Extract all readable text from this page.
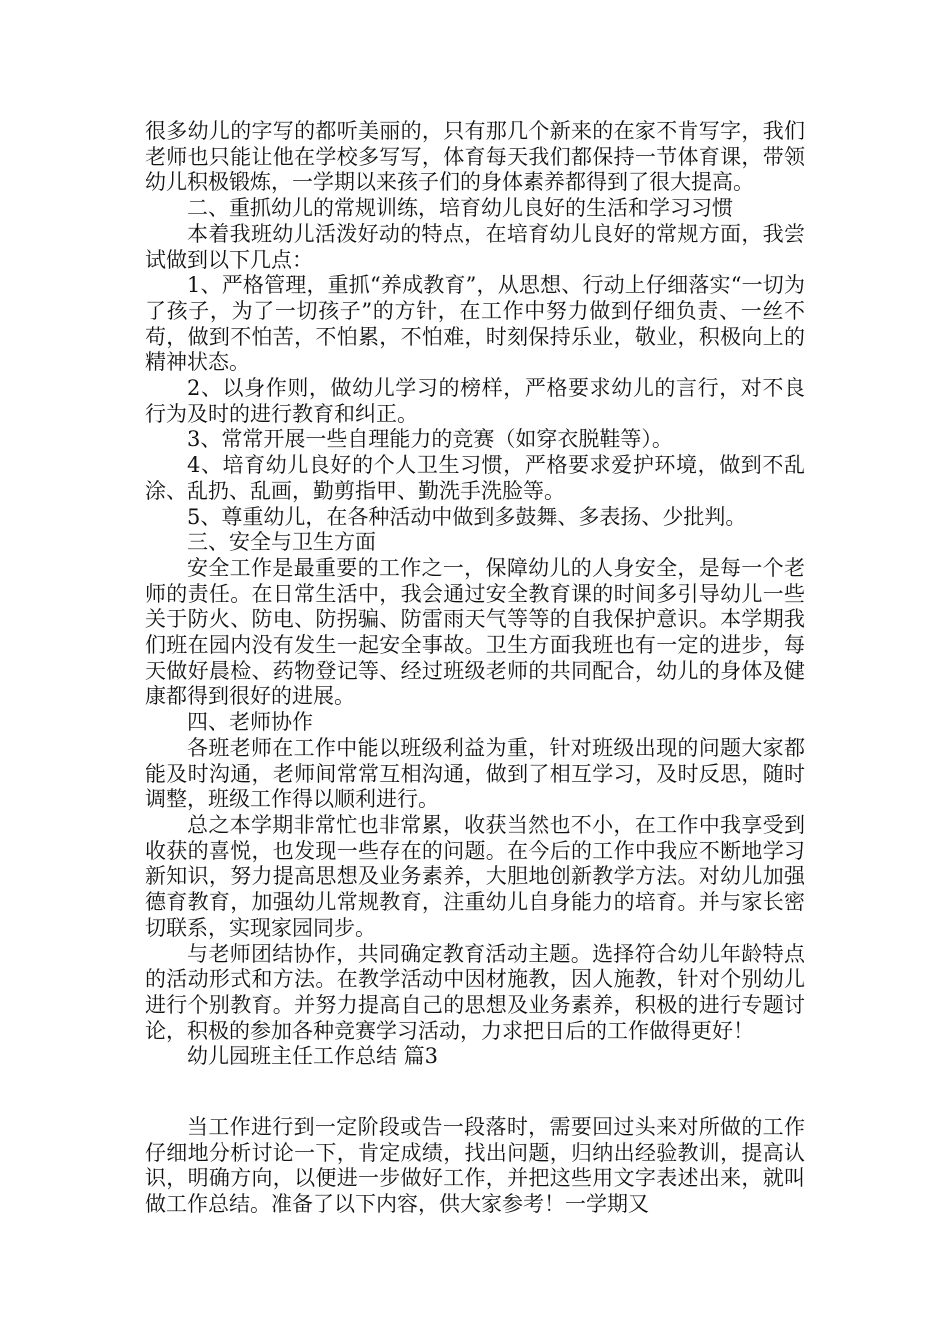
很多幼儿的字写的都听美丽的，只有那几个新来的在家不肯写字，我们老师也只能让他在学校多写写，体育每天我们都保持一节体育课，带领幼儿积极锻炼，一学期以来孩子们的身体素养都得到了很大提高。

二、重抓幼儿的常规训练，培育幼儿良好的生活和学习习惯

本着我班幼儿活泼好动的特点，在培育幼儿良好的常规方面，我尝试做到以下几点：

1、严格管理，重抓“养成教育”，从思想、行动上仔细落实“一切为了孩子，为了一切孩子”的方针，在工作中努力做到仔细负责、一丝不苟，做到不怕苦，不怕累，不怕难，时刻保持乐业，敬业，积极向上的精神状态。

2、以身作则，做幼儿学习的榜样，严格要求幼儿的言行，对不良行为及时的进行教育和纠正。

3、常常开展一些自理能力的竞赛（如穿衣脱鞋等）。

4、培育幼儿良好的个人卫生习惯，严格要求爱护环境，做到不乱涂、乱扔、乱画，勤剪指甲、勤洗手洗脸等。

5、尊重幼儿，在各种活动中做到多鼓舞、多表扬、少批判。

三、安全与卫生方面

安全工作是最重要的工作之一，保障幼儿的人身安全，是每一个老师的责任。在日常生活中，我会通过安全教育课的时间多引导幼儿一些关于防火、防电、防拐骗、防雷雨天气等等的自我保护意识。本学期我们班在园内没有发生一起安全事故。卫生方面我班也有一定的进步，每天做好晨检、药物登记等、经过班级老师的共同配合，幼儿的身体及健康都得到很好的进展。

四、老师协作

各班老师在工作中能以班级利益为重，针对班级出现的问题大家都能及时沟通，老师间常常互相沟通，做到了相互学习，及时反思，随时调整，班级工作得以顺利进行。

总之本学期非常忙也非常累，收获当然也不小，在工作中我享受到收获的喜悦，也发现一些存在的问题。在今后的工作中我应不断地学习新知识，努力提高思想及业务素养，大胆地创新教学方法。对幼儿加强德育教育，加强幼儿常规教育，注重幼儿自身能力的培育。并与家长密切联系，实现家园同步。

与老师团结协作，共同确定教育活动主题。选择符合幼儿年龄特点的活动形式和方法。在教学活动中因材施教，因人施教，针对个别幼儿进行个别教育。并努力提高自己的思想及业务素养，积极的进行专题讨论，积极的参加各种竞赛学习活动，力求把日后的工作做得更好！

幼儿园班主任工作总结 篇3

当工作进行到一定阶段或告一段落时，需要回过头来对所做的工作仔细地分析讨论一下，肯定成绩，找出问题，归纳出经验教训，提高认识，明确方向，以便进一步做好工作，并把这些用文字表述出来，就叫做工作总结。准备了以下内容，供大家参考！一学期又
